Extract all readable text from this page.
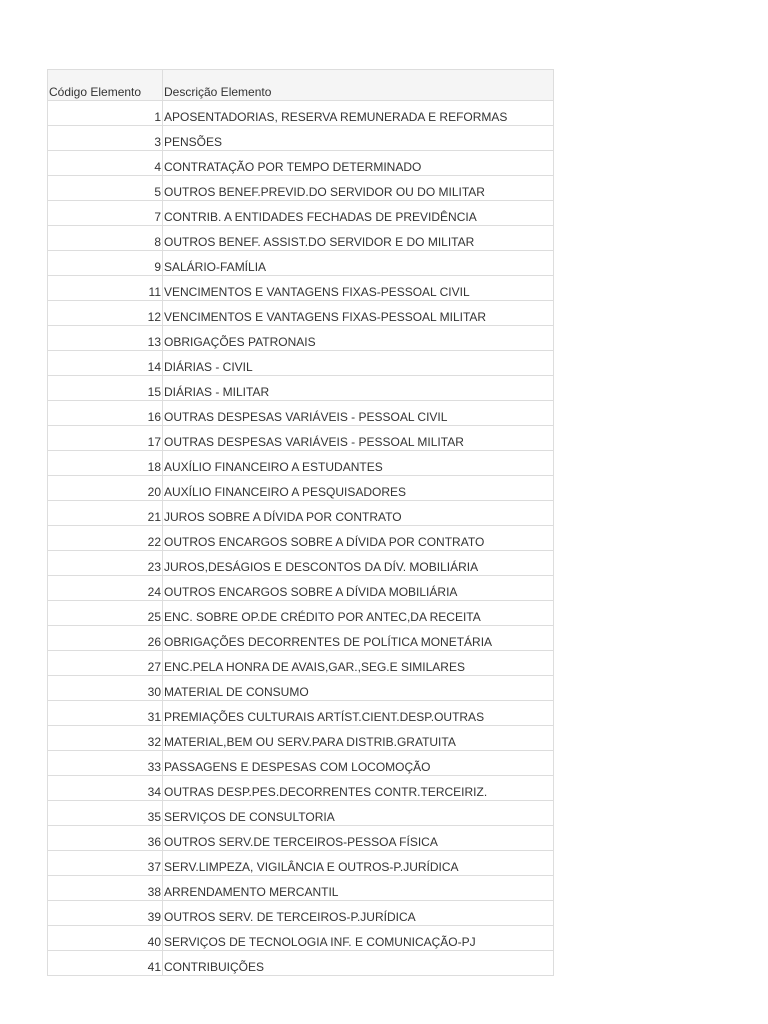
Código Elemento	Descrição Elemento
1	APOSENTADORIAS, RESERVA REMUNERADA E REFORMAS
3	PENSÕES
4	CONTRATAÇÃO POR TEMPO DETERMINADO
5	OUTROS BENEF.PREVID.DO SERVIDOR OU DO MILITAR
7	CONTRIB. A ENTIDADES FECHADAS DE PREVIDÊNCIA
8	OUTROS BENEF. ASSIST.DO SERVIDOR E DO MILITAR
9	SALÁRIO-FAMÍLIA
11	VENCIMENTOS E VANTAGENS FIXAS-PESSOAL CIVIL
12	VENCIMENTOS E VANTAGENS FIXAS-PESSOAL MILITAR
13	OBRIGAÇÕES PATRONAIS
14	DIÁRIAS - CIVIL
15	DIÁRIAS - MILITAR
16	OUTRAS DESPESAS VARIÁVEIS - PESSOAL CIVIL
17	OUTRAS DESPESAS VARIÁVEIS - PESSOAL MILITAR
18	AUXÍLIO FINANCEIRO A ESTUDANTES
20	AUXÍLIO FINANCEIRO A PESQUISADORES
21	JUROS SOBRE A DÍVIDA POR CONTRATO
22	OUTROS ENCARGOS SOBRE A DÍVIDA POR CONTRATO
23	JUROS,DESÁGIOS E DESCONTOS DA DÍV. MOBILIÁRIA
24	OUTROS ENCARGOS SOBRE A DÍVIDA MOBILIÁRIA
25	ENC. SOBRE OP.DE CRÉDITO POR ANTEC,DA RECEITA
26	OBRIGAÇÕES DECORRENTES DE POLÍTICA MONETÁRIA
27	ENC.PELA HONRA DE AVAIS,GAR.,SEG.E SIMILARES
30	MATERIAL DE CONSUMO
31	PREMIAÇÕES CULTURAIS ARTÍST.CIENT.DESP.OUTRAS
32	MATERIAL,BEM OU SERV.PARA DISTRIB.GRATUITA
33	PASSAGENS E DESPESAS COM LOCOMOÇÃO
34	OUTRAS DESP.PES.DECORRENTES CONTR.TERCEIRIZ.
35	SERVIÇOS DE CONSULTORIA
36	OUTROS SERV.DE TERCEIROS-PESSOA FÍSICA
37	SERV.LIMPEZA, VIGILÂNCIA E OUTROS-P.JURÍDICA
38	ARRENDAMENTO MERCANTIL
39	OUTROS SERV. DE TERCEIROS-P.JURÍDICA
40	SERVIÇOS DE TECNOLOGIA INF. E COMUNICAÇÃO-PJ
41	CONTRIBUIÇÕES
